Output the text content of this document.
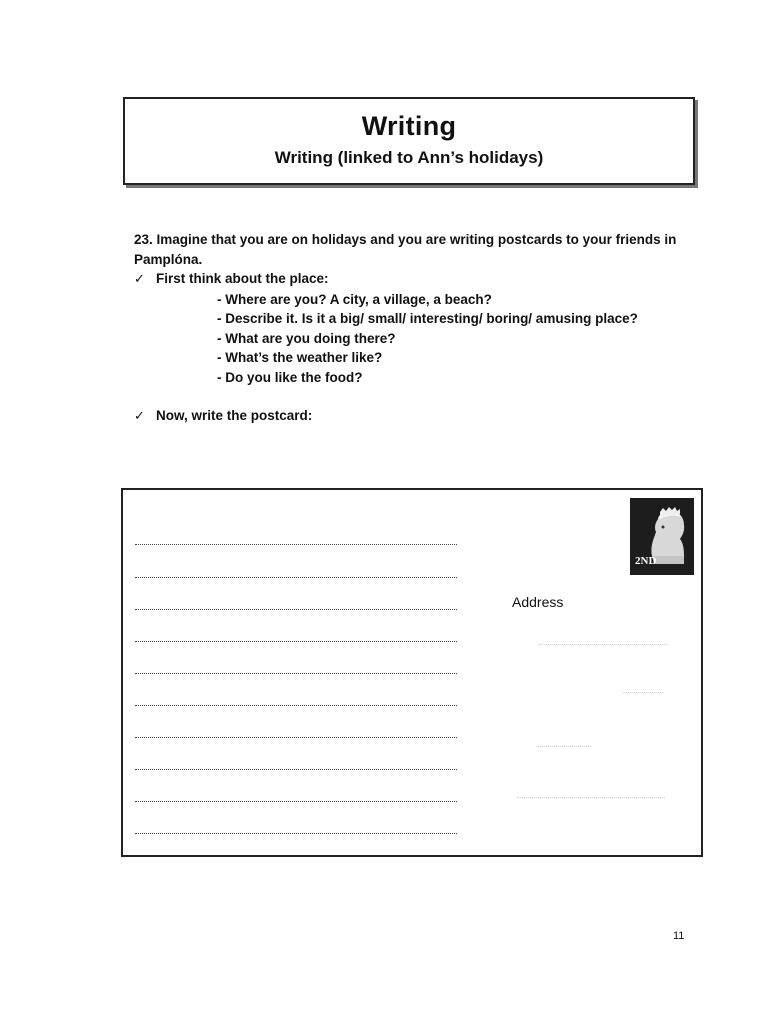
Writing
Writing (linked to Ann’s holidays)

23. Imagine that you are on holidays and you are writing postcards to your friends in Pamplóna.

✓ First think about the place:
- Where are you? A city, a village, a beach?
- Describe it. Is it a big/ small/ interesting/ boring/ amusing place?
- What are you doing there?
- What’s the weather like?
- Do you like the food?
✓ Now, write the postcard:
2ND
Address
11
